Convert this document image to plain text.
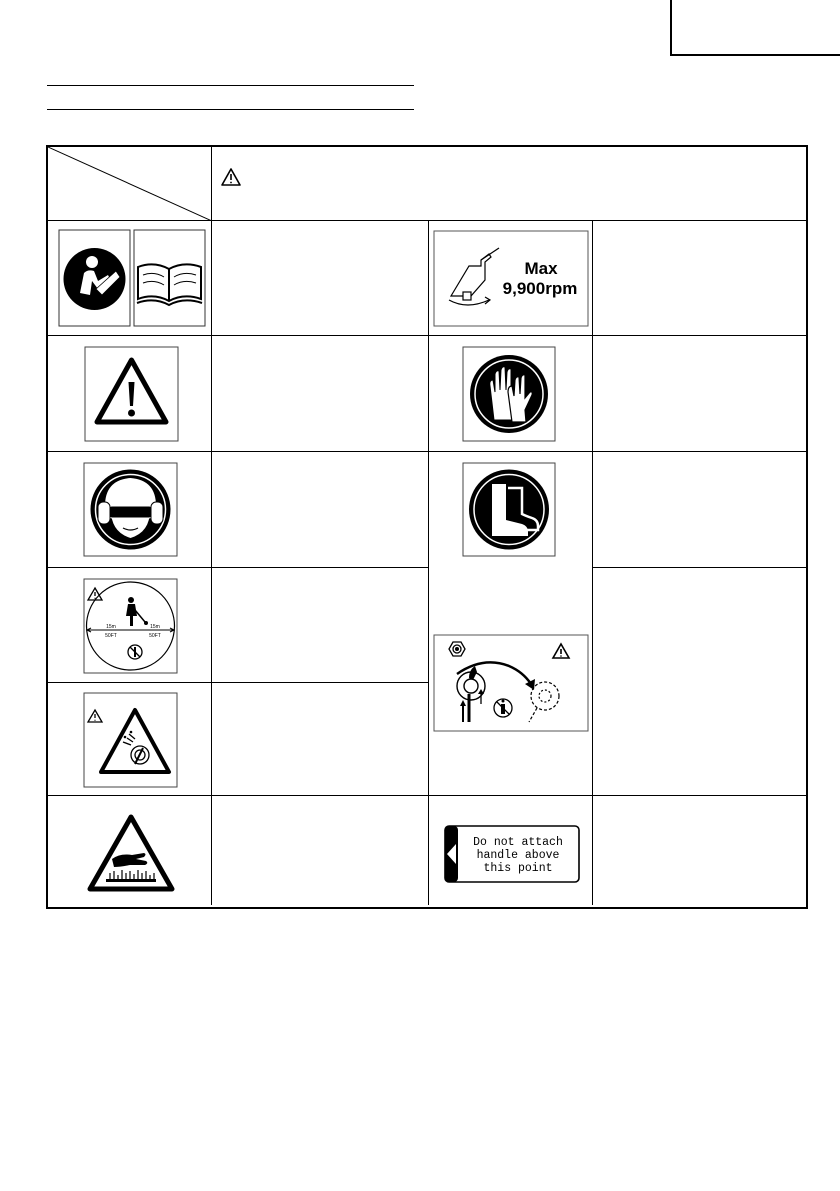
Max
9,900rpm
15m
50FT
15m
50FT
Do not attach
handle above
this point
